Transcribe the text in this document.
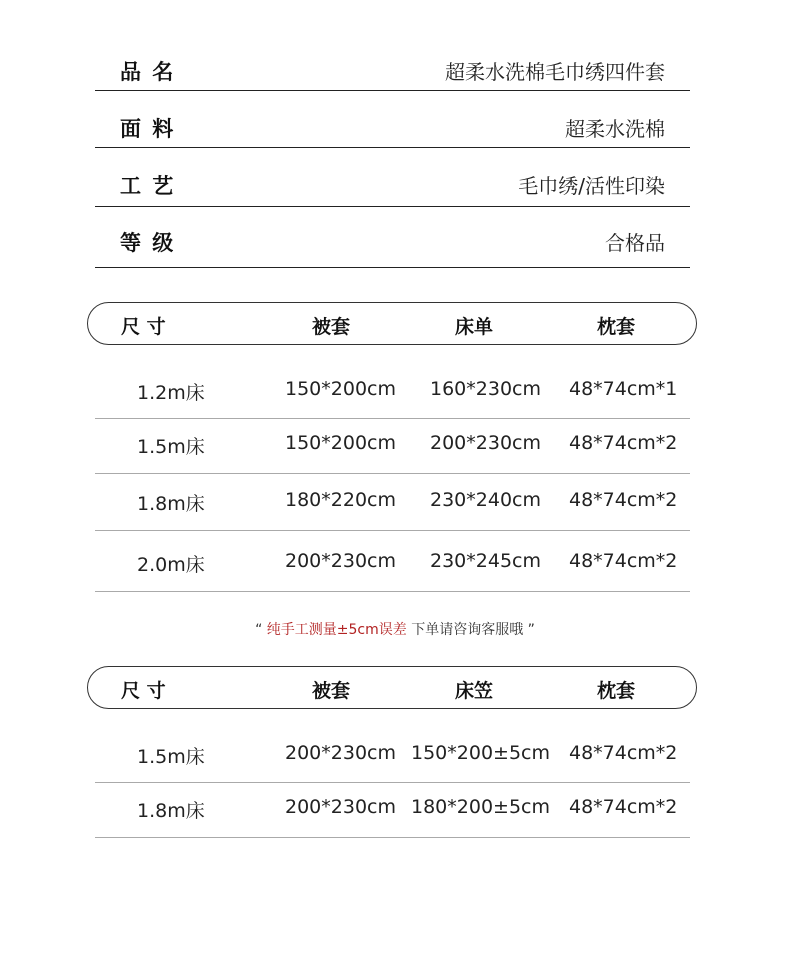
品 名	超柔水洗棉毛巾绣四件套
面 料	超柔水洗棉
工 艺	毛巾绣/活性印染
等 级	合格品
尺 寸	被套	床单	枕套
1.2m床	150*200cm 160*230cm 48*74cm*1
1.5m床	150*200cm 200*230cm 48*74cm*2
1.8m床	180*220cm 230*240cm 48*74cm*2
2.0m床	200*230cm 230*245cm 48*74cm*2
“ 纯手工测量±5cm误差 下单请咨询客服哦 ”
尺 寸	被套	床笠	枕套
1.5m床	200*230cm 150*200±5cm 48*74cm*2
1.8m床	200*230cm 180*200±5cm 48*74cm*2
